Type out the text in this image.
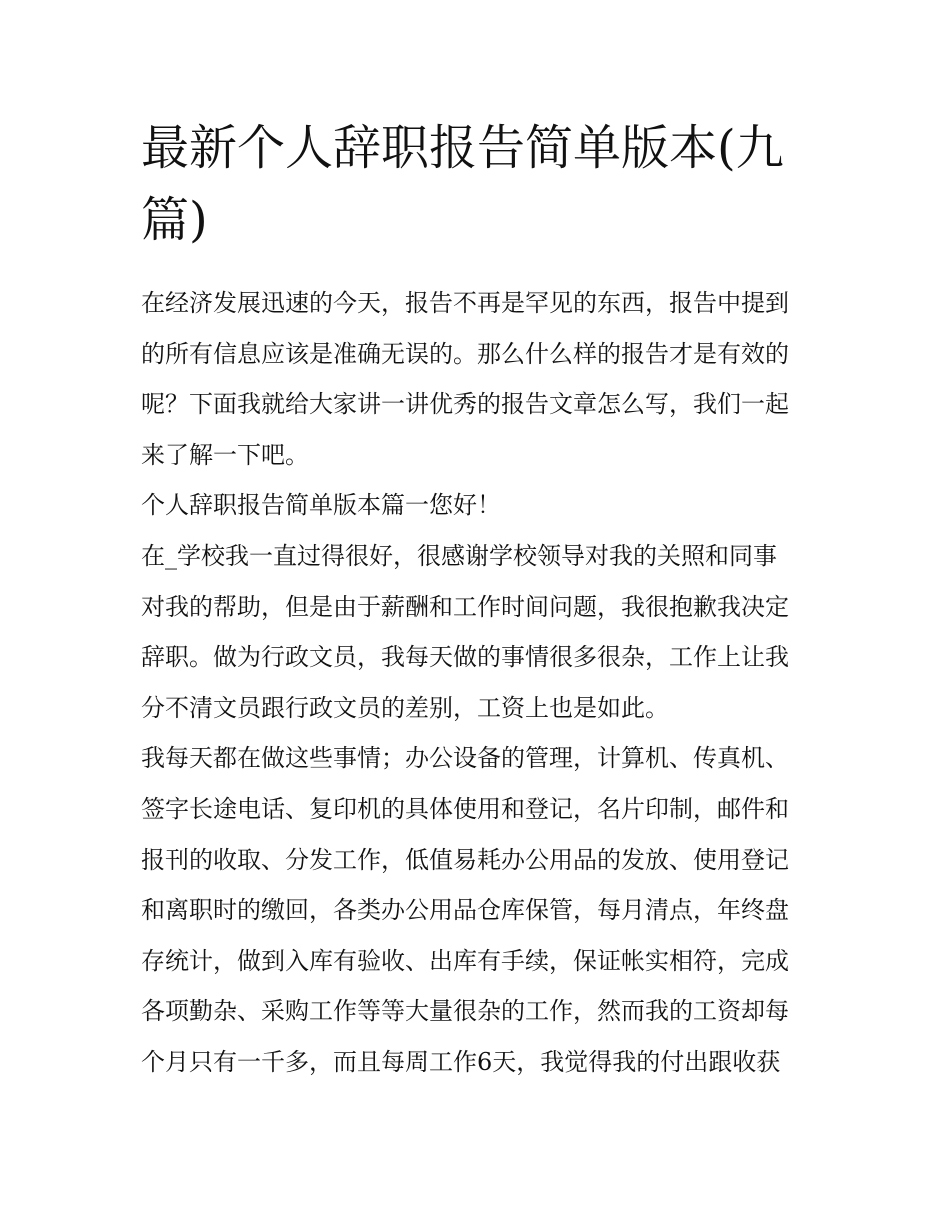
最新个人辞职报告简单版本(九
篇)
在经济发展迅速的今天，报告不再是罕见的东西，报告中提到
的所有信息应该是准确无误的。那么什么样的报告才是有效的
呢？下面我就给大家讲一讲优秀的报告文章怎么写，我们一起
来了解一下吧。
个人辞职报告简单版本篇一您好！
在_学校我一直过得很好，很感谢学校领导对我的关照和同事
对我的帮助，但是由于薪酬和工作时间问题，我很抱歉我决定
辞职。做为行政文员，我每天做的事情很多很杂，工作上让我
分不清文员跟行政文员的差别，工资上也是如此。
我每天都在做这些事情；办公设备的管理，计算机、传真机、
签字长途电话、复印机的具体使用和登记，名片印制，邮件和
报刊的收取、分发工作，低值易耗办公用品的发放、使用登记
和离职时的缴回，各类办公用品仓库保管，每月清点，年终盘
存统计，做到入库有验收、出库有手续，保证帐实相符，完成
各项勤杂、采购工作等等大量很杂的工作，然而我的工资却每
个月只有一千多，而且每周工作6天，我觉得我的付出跟收获
